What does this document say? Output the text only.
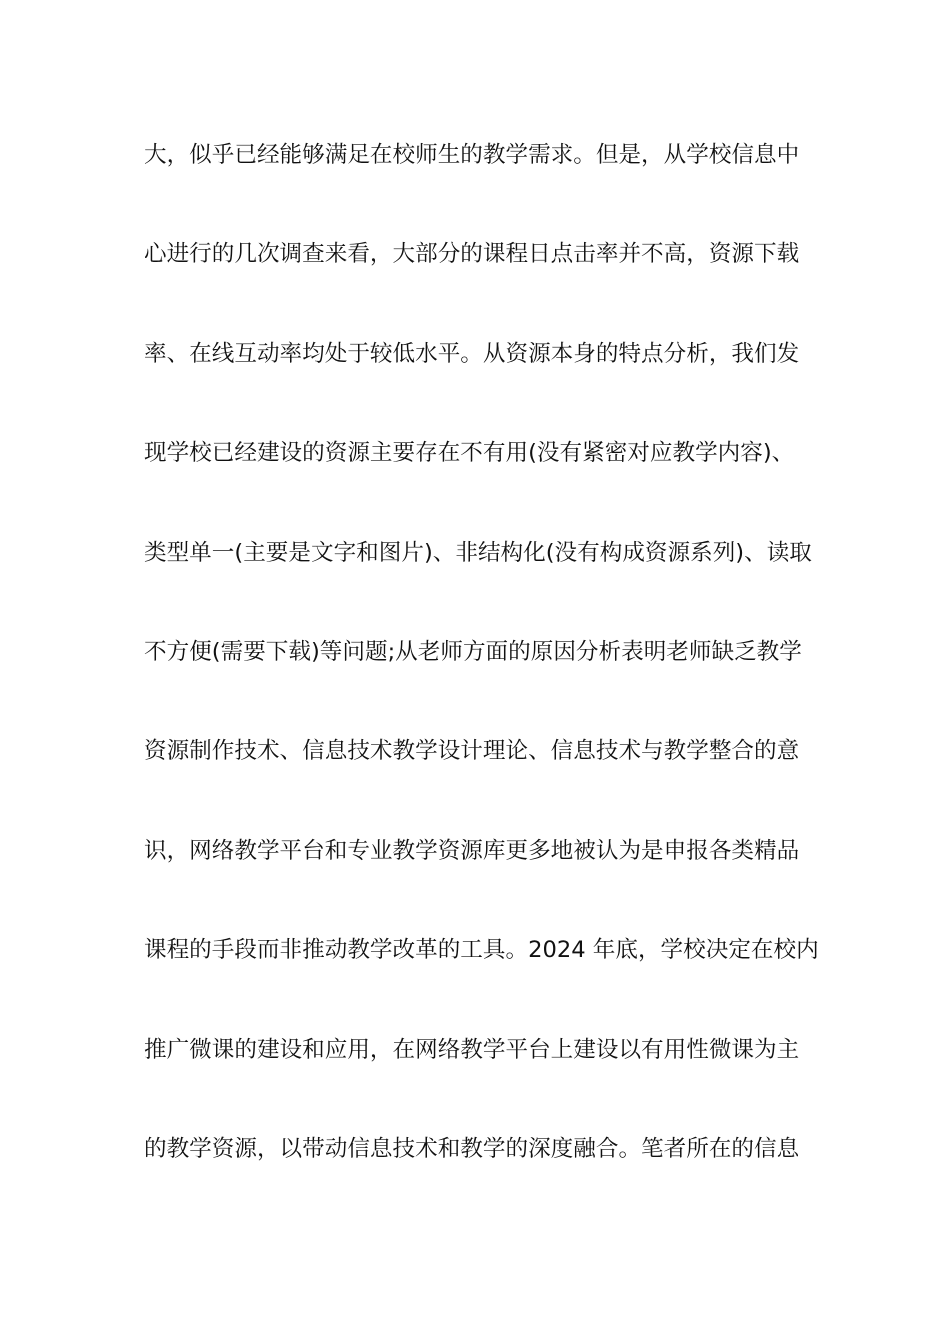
大，似乎已经能够满足在校师生的教学需求。但是，从学校信息中
心进行的几次调查来看，大部分的课程日点击率并不高，资源下载
率、在线互动率均处于较低水平。从资源本身的特点分析，我们发
现学校已经建设的资源主要存在不有用(没有紧密对应教学内容)、
类型单一(主要是文字和图片)、非结构化(没有构成资源系列)、读取
不方便(需要下载)等问题;从老师方面的原因分析表明老师缺乏教学
资源制作技术、信息技术教学设计理论、信息技术与教学整合的意
识，网络教学平台和专业教学资源库更多地被认为是申报各类精品
课程的手段而非推动教学改革的工具。2024 年底，学校决定在校内
推广微课的建设和应用，在网络教学平台上建设以有用性微课为主
的教学资源，以带动信息技术和教学的深度融合。笔者所在的信息
